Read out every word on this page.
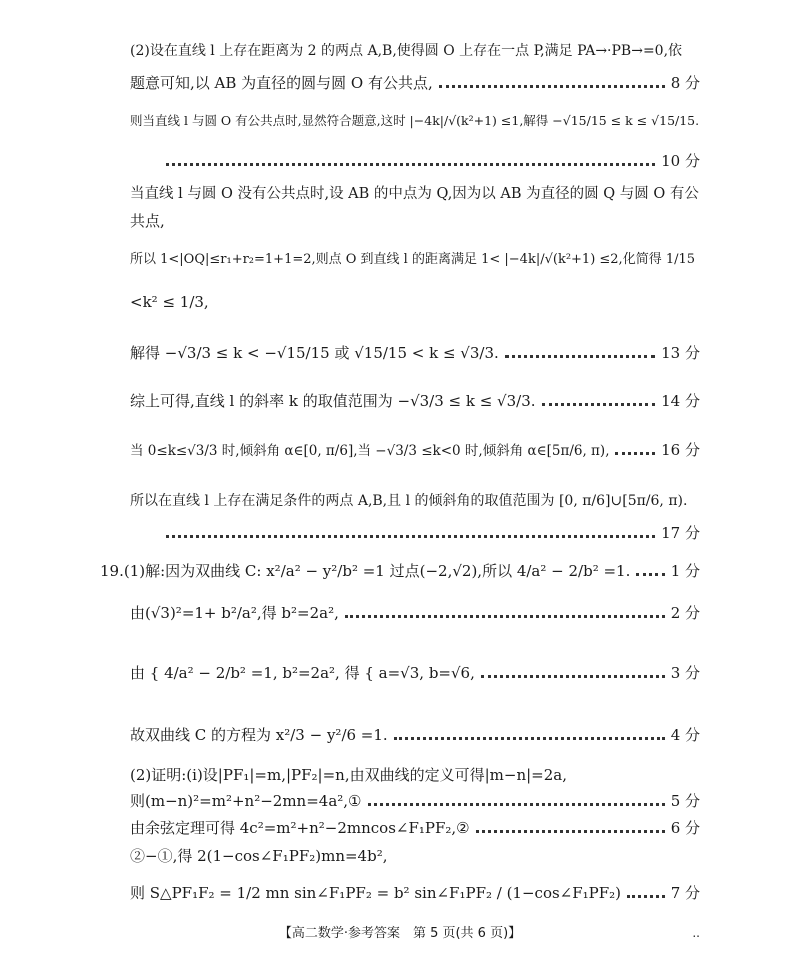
(2)设在直线 l 上存在距离为 2 的两点 A,B,使得圆 O 上存在一点 P,满足 PA→·PB→=0,依
题意可知,以 AB 为直径的圆与圆 O 有公共点,	8 分
则当直线 l 与圆 O 有公共点时,显然符合题意,这时 |−4k|/√(k²+1) ≤1,解得 −√15/15 ≤ k ≤ √15/15.
10 分
当直线 l 与圆 O 没有公共点时,设 AB 的中点为 Q,因为以 AB 为直径的圆 Q 与圆 O 有公
共点,
所以 1<|OQ|≤r₁+r₂=1+1=2,则点 O 到直线 l 的距离满足 1< |−4k|/√(k²+1) ≤2,化简得 1/15
<k² ≤ 1/3,
解得 −√3/3 ≤ k < −√15/15 或 √15/15 < k ≤ √3/3.	13 分
综上可得,直线 l 的斜率 k 的取值范围为 −√3/3 ≤ k ≤ √3/3.	14 分
当 0≤k≤√3/3 时,倾斜角 α∈[0, π/6],当 −√3/3 ≤k<0 时,倾斜角 α∈[5π/6, π),	16 分
所以在直线 l 上存在满足条件的两点 A,B,且 l 的倾斜角的取值范围为 [0, π/6]∪[5π/6, π).
17 分
19.(1)解:因为双曲线 C: x²/a² − y²/b² =1 过点(−2,√2),所以 4/a² − 2/b² =1.	1 分
由(√3)²=1+ b²/a²,得 b²=2a²,	2 分
由 { 4/a² − 2/b² =1, b²=2a², 得 { a=√3, b=√6,	3 分
故双曲线 C 的方程为 x²/3 − y²/6 =1.	4 分
(2)证明:(ⅰ)设|PF₁|=m,|PF₂|=n,由双曲线的定义可得|m−n|=2a,
则(m−n)²=m²+n²−2mn=4a²,①	5 分
由余弦定理可得 4c²=m²+n²−2mncos∠F₁PF₂,②	6 分
②−①,得 2(1−cos∠F₁PF₂)mn=4b²,
则 S△PF₁F₂ = 1/2 mn sin∠F₁PF₂ = b² sin∠F₁PF₂ / (1−cos∠F₁PF₂)	7 分
【高二数学·参考答案　第 5 页(共 6 页)】	..
